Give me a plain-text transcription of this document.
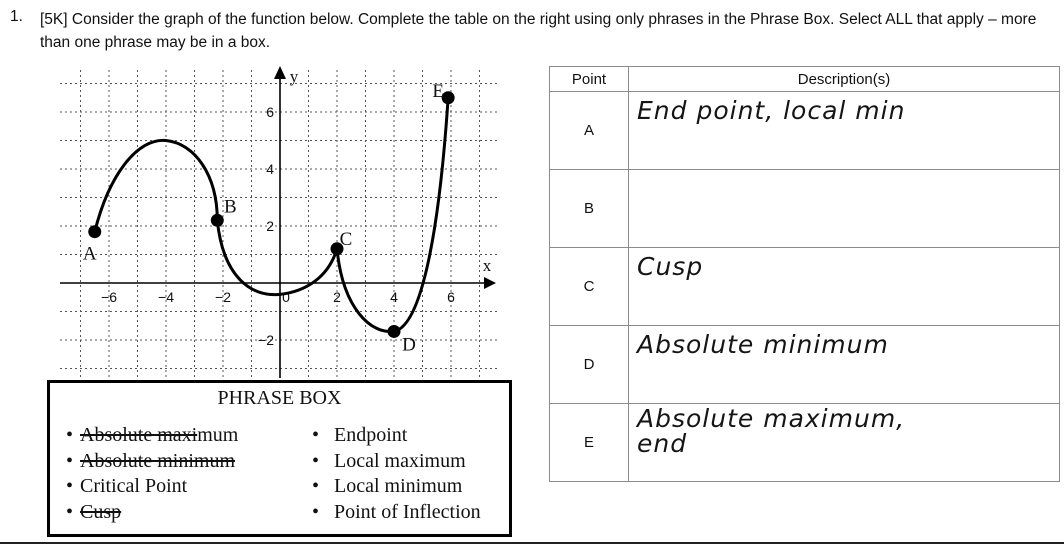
1. [5K] Consider the graph of the function below. Complete the table on the right using only phrases in the Phrase Box. Select ALL that apply – more than one phrase may be in a box.
−6	−4	−2	0	2	4	6
6
4
2
−2
x
y
A
B
C
D
E
PHRASE BOX
• Absolute maximum
• Absolute minimum
• Critical Point
• Cusp
• Endpoint
• Local maximum
• Local minimum
• Point of Inflection
Point	Description(s)
A	End point, local min

B	

C	Cusp

D	Absolute minimum

E	Absolute maximum,
end
